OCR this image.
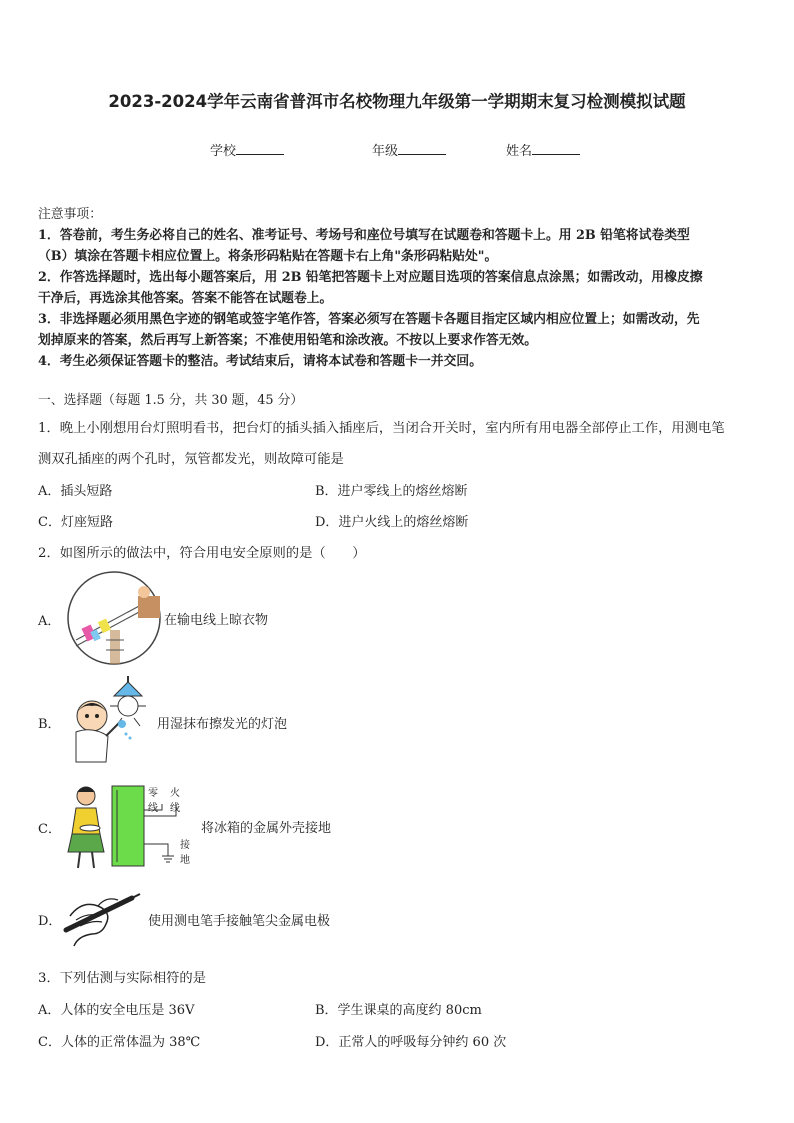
2023-2024学年云南省普洱市名校物理九年级第一学期期末复习检测模拟试题
学校	年级	姓名
注意事项：
1．答卷前，考生务必将自己的姓名、准考证号、考场号和座位号填写在试题卷和答题卡上。用 2B 铅笔将试卷类型
（B）填涂在答题卡相应位置上。将条形码粘贴在答题卡右上角"条形码粘贴处"。
2．作答选择题时，选出每小题答案后，用 2B 铅笔把答题卡上对应题目选项的答案信息点涂黑；如需改动，用橡皮擦
干净后，再选涂其他答案。答案不能答在试题卷上。
3．非选择题必须用黑色字迹的钢笔或签字笔作答，答案必须写在答题卡各题目指定区域内相应位置上；如需改动，先
划掉原来的答案，然后再写上新答案；不准使用铅笔和涂改液。不按以上要求作答无效。
4．考生必须保证答题卡的整洁。考试结束后，请将本试卷和答题卡一并交回。
一、选择题（每题 1.5 分，共 30 题，45 分）
1．晚上小刚想用台灯照明看书，把台灯的插头插入插座后，当闭合开关时，室内所有用电器全部停止工作，用测电笔
测双孔插座的两个孔时，氖管都发光，则故障可能是
A．插头短路	B．进户零线上的熔丝熔断
C．灯座短路	D．进户火线上的熔丝熔断
2．如图所示的做法中，符合用电安全原则的是（　　）
A．	在输电线上晾衣物
B．	用湿抹布擦发光的灯泡
C．
零
线
火
线
接
地
将冰箱的金属外壳接地
D．	使用测电笔手接触笔尖金属电极
3．下列估测与实际相符的是
A．人体的安全电压是 36V	B．学生课桌的高度约 80cm
C．人体的正常体温为 38℃	D．正常人的呼吸每分钟约 60 次
